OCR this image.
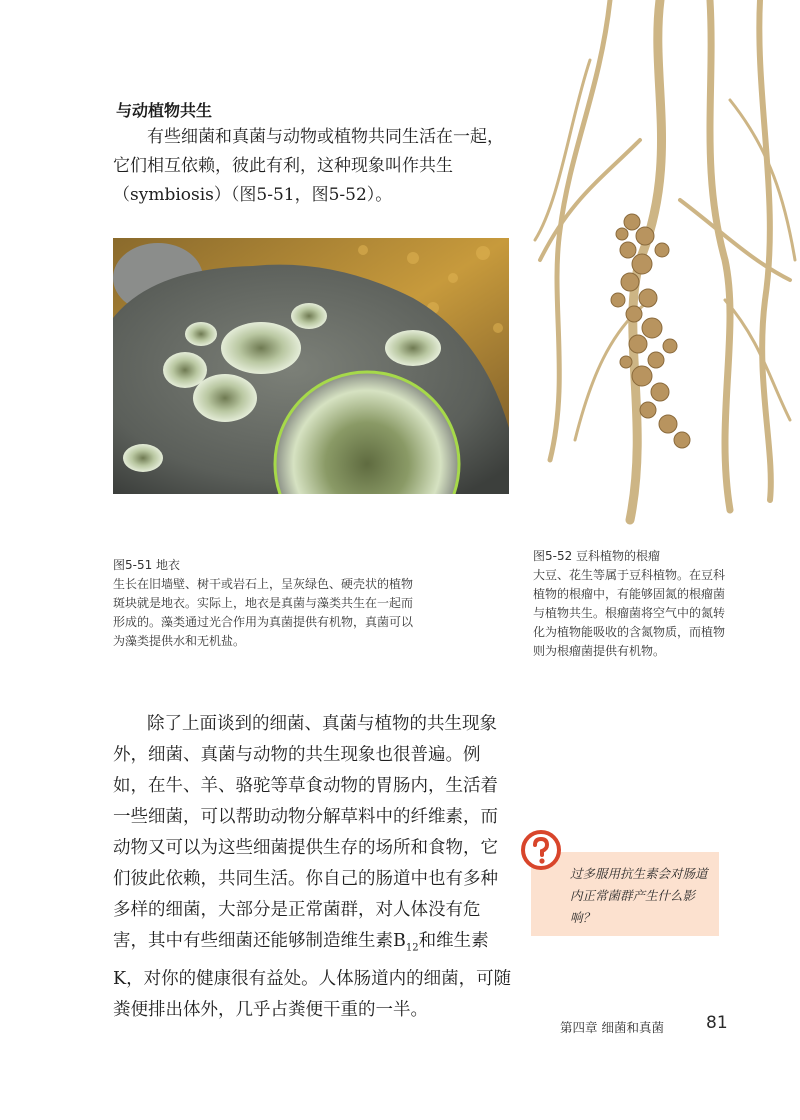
与动植物共生

有些细菌和真菌与动物或植物共同生活在一起，它们相互依赖，彼此有利，这种现象叫作共生（symbiosis）（图5-51，图5-52）。

图5-51 地衣

生长在旧墙壁、树干或岩石上，呈灰绿色、硬壳状的植物斑块就是地衣。实际上，地衣是真菌与藻类共生在一起而形成的。藻类通过光合作用为真菌提供有机物，真菌可以为藻类提供水和无机盐。

图5-52 豆科植物的根瘤

大豆、花生等属于豆科植物。在豆科植物的根瘤中，有能够固氮的根瘤菌与植物共生。根瘤菌将空气中的氮转化为植物能吸收的含氮物质，而植物则为根瘤菌提供有机物。

除了上面谈到的细菌、真菌与植物的共生现象外，细菌、真菌与动物的共生现象也很普遍。例如，在牛、羊、骆驼等草食动物的胃肠内，生活着一些细菌，可以帮助动物分解草料中的纤维素，而动物又可以为这些细菌提供生存的场所和食物，它们彼此依赖，共同生活。你自己的肠道中也有多种多样的细菌，大部分是正常菌群，对人体没有危害，其中有些细菌还能够制造维生素$B_{12}$和维生素K，对你的健康很有益处。人体肠道内的细菌，可随粪便排出体外，几乎占粪便干重的一半。

过多服用抗生素会对肠道内正常菌群产生什么影响？

第四章 细菌和真菌 81
